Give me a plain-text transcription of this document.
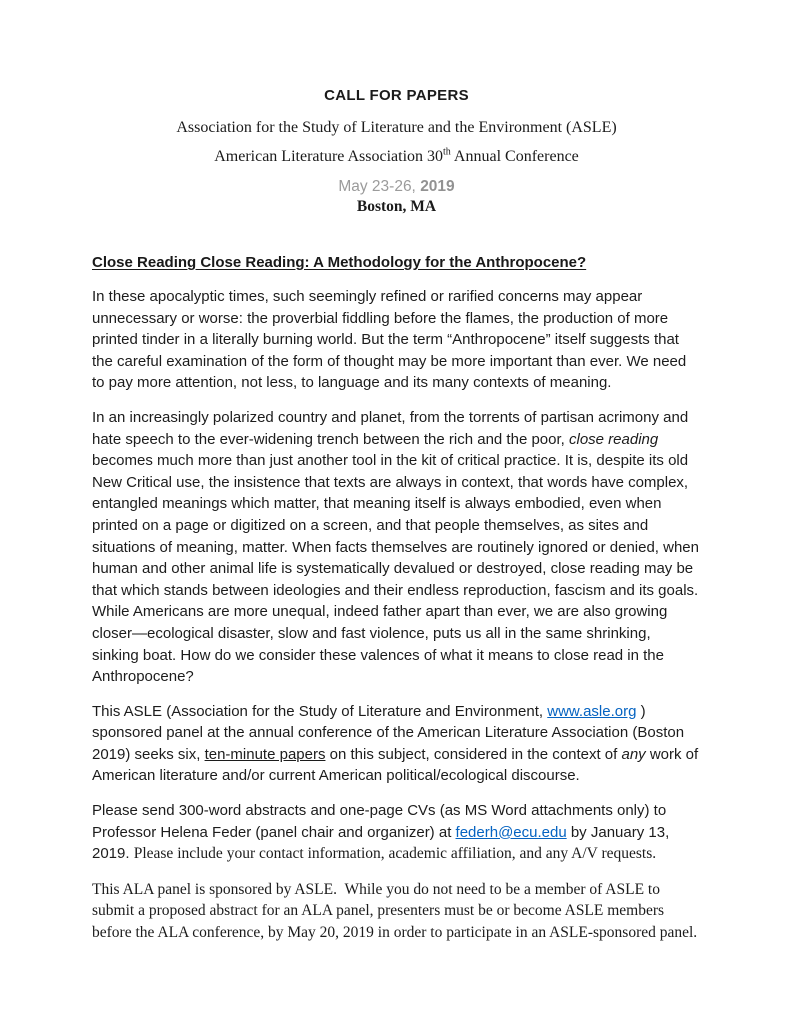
CALL FOR PAPERS
Association for the Study of Literature and the Environment (ASLE)
American Literature Association 30th Annual Conference
May 23-26, 2019
Boston, MA
Close Reading Close Reading: A Methodology for the Anthropocene?

In these apocalyptic times, such seemingly refined or rarified concerns may appear unnecessary or worse: the proverbial fiddling before the flames, the production of more printed tinder in a literally burning world. But the term “Anthropocene” itself suggests that the careful examination of the form of thought may be more important than ever. We need to pay more attention, not less, to language and its many contexts of meaning.

In an increasingly polarized country and planet, from the torrents of partisan acrimony and hate speech to the ever-widening trench between the rich and the poor, close reading becomes much more than just another tool in the kit of critical practice. It is, despite its old New Critical use, the insistence that texts are always in context, that words have complex, entangled meanings which matter, that meaning itself is always embodied, even when printed on a page or digitized on a screen, and that people themselves, as sites and situations of meaning, matter. When facts themselves are routinely ignored or denied, when human and other animal life is systematically devalued or destroyed, close reading may be that which stands between ideologies and their endless reproduction, fascism and its goals. While Americans are more unequal, indeed father apart than ever, we are also growing closer—ecological disaster, slow and fast violence, puts us all in the same shrinking, sinking boat. How do we consider these valences of what it means to close read in the Anthropocene?

This ASLE (Association for the Study of Literature and Environment, www.asle.org ) sponsored panel at the annual conference of the American Literature Association (Boston 2019) seeks six, ten-minute papers on this subject, considered in the context of any work of American literature and/or current American political/ecological discourse.

Please send 300-word abstracts and one-page CVs (as MS Word attachments only) to Professor Helena Feder (panel chair and organizer) at federh@ecu.edu by January 13, 2019. Please include your contact information, academic affiliation, and any A/V requests.

This ALA panel is sponsored by ASLE.  While you do not need to be a member of ASLE to submit a proposed abstract for an ALA panel, presenters must be or become ASLE members before the ALA conference, by May 20, 2019 in order to participate in an ASLE-sponsored panel.
